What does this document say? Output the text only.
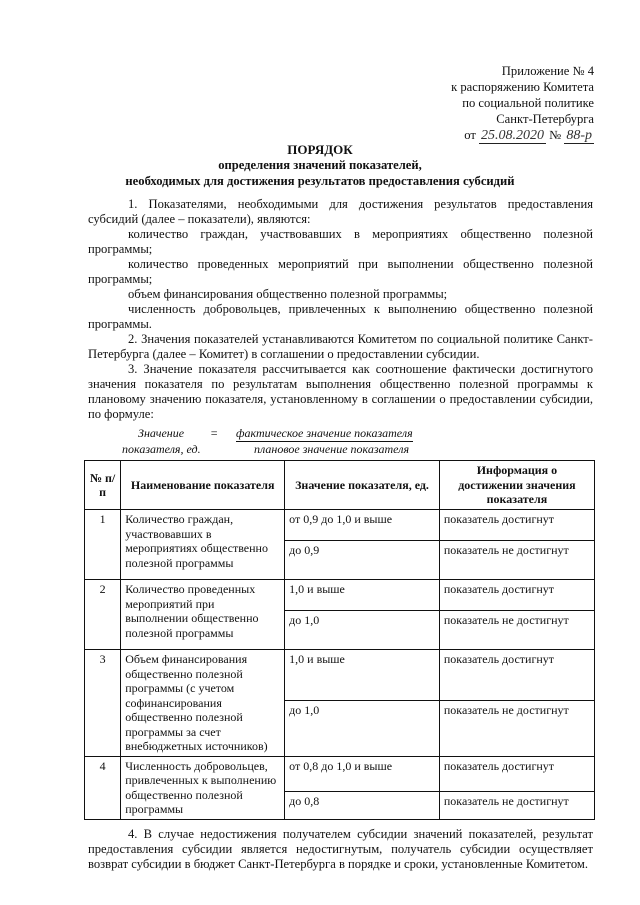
Приложение № 4
к распоряжению Комитета
по социальной политике
Санкт-Петербурга
от 25.08.2020 № 88-р
ПОРЯДОК
определения значений показателей,
необходимых для достижения результатов предоставления субсидий

1. Показателями, необходимыми для достижения результатов предоставления субсидий (далее – показатели), являются:

количество граждан, участвовавших в мероприятиях общественно полезной программы;

количество проведенных мероприятий при выполнении общественно полезной программы;

объем финансирования общественно полезной программы;

численность добровольцев, привлеченных к выполнению общественно полезной программы.

2. Значения показателей устанавливаются Комитетом по социальной политике Санкт-Петербурга (далее – Комитет) в соглашении о предоставлении субсидии.

3. Значение показателя рассчитывается как соотношение фактически достигнутого значения показателя по результатам выполнения общественно полезной программы к плановому значению показателя, установленному в соглашении о предоставлении субсидии, по формуле:

Значение
показателя, ед.
= фактическое значение показателя
плановое значение показателя
№ п/п	Наименование показателя	Значение показателя, ед.	Информация о достижении значения показателя
1	Количество граждан, участвовавших в мероприятиях общественно полезной программы	от 0,9 до 1,0 и выше	показатель достигнут
		до 0,9	показатель не достигнут
2	Количество проведенных мероприятий при выполнении общественно полезной программы	1,0 и выше	показатель достигнут
		до 1,0	показатель не достигнут
3	Объем финансирования общественно полезной программы (с учетом софинансирования общественно полезной программы за счет внебюджетных источников)	1,0 и выше	показатель достигнут
		до 1,0	показатель не достигнут
4	Численность добровольцев, привлеченных к выполнению общественно полезной программы	от 0,8 до 1,0 и выше	показатель достигнут
		до 0,8	показатель не достигнут

4. В случае недостижения получателем субсидии значений показателей, результат предоставления субсидии является недостигнутым, получатель субсидии осуществляет возврат субсидии в бюджет Санкт-Петербурга в порядке и сроки, установленные Комитетом.
